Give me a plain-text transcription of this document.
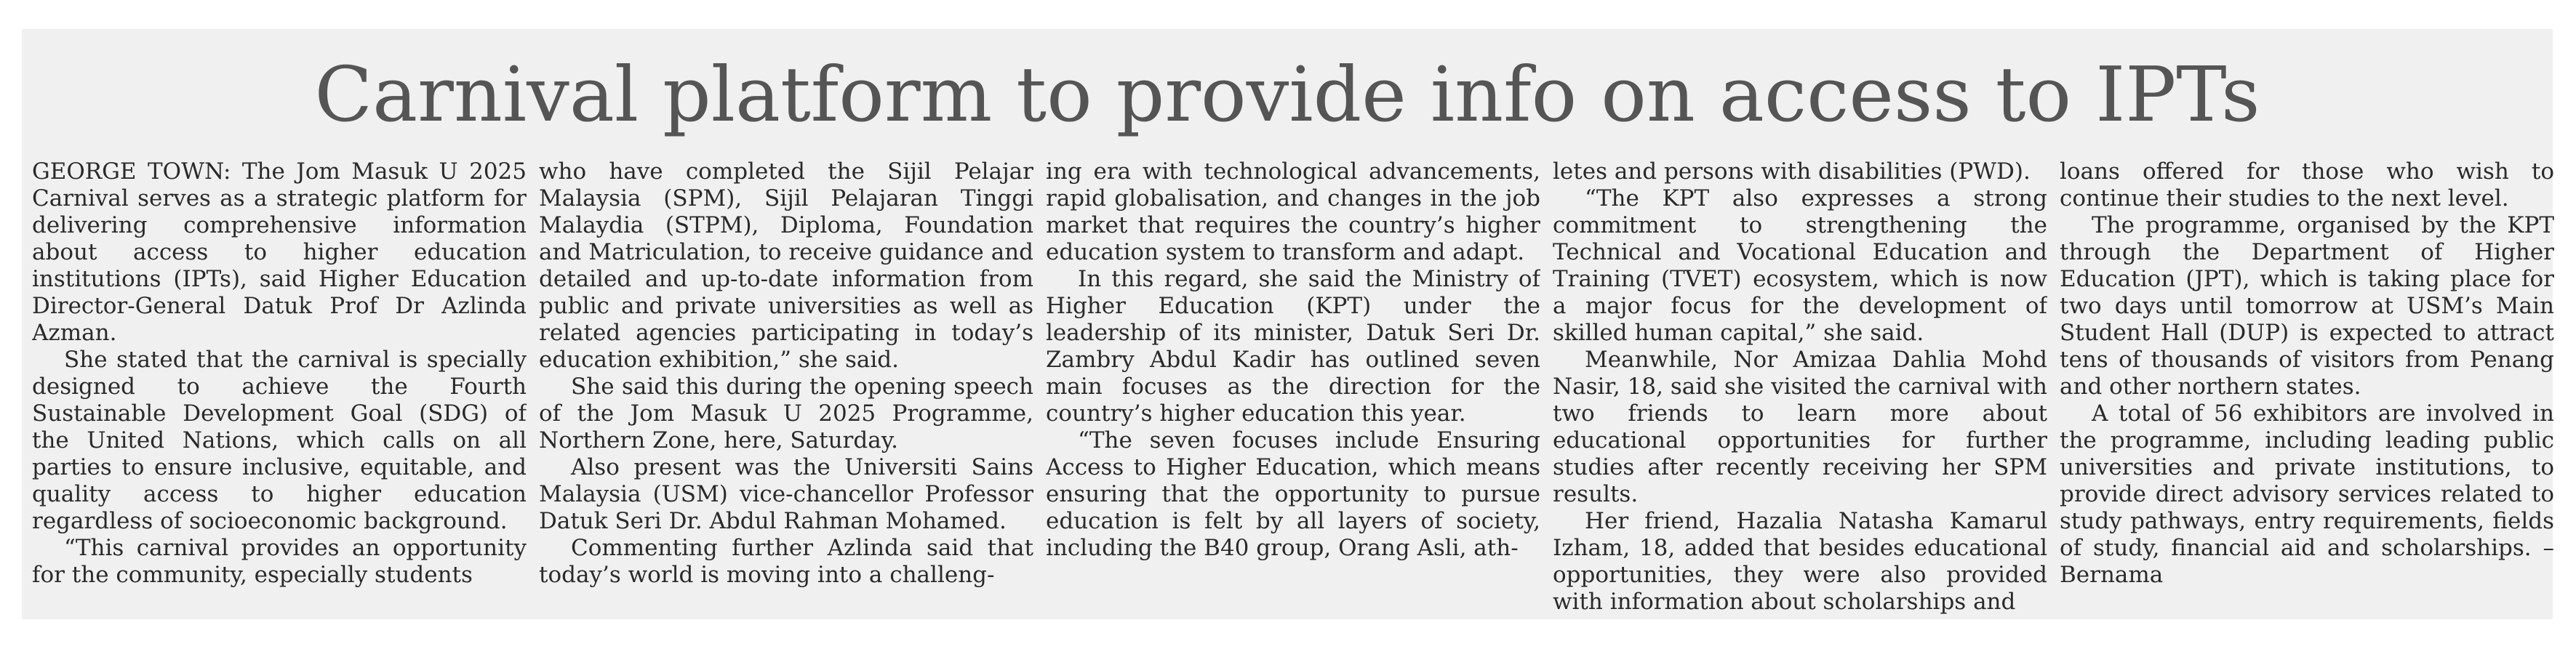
Carnival platform to provide info on access to IPTs

GEORGE TOWN: The Jom Masuk U 2025 Carnival serves as a strategic platform for delivering comprehensive information about access to higher education institutions (IPTs), said Higher Education Director-General Datuk Prof Dr Azlinda Azman.

She stated that the carnival is specially designed to achieve the Fourth Sustainable Development Goal (SDG) of the United Nations, which calls on all parties to ensure inclusive, equitable, and quality access to higher education regardless of socioeconomic background.

“This carnival provides an opportunity for the community, especially students

who have completed the Sijil Pelajar Malaysia (SPM), Sijil Pelajaran Tinggi Malaydia (STPM), Diploma, Foundation and Matriculation, to receive guidance and detailed and up-to-date information from public and private universities as well as related agencies participating in today’s education exhibition,” she said.

She said this during the opening speech of the Jom Masuk U 2025 Programme, Northern Zone, here, Saturday.

Also present was the Universiti Sains Malaysia (USM) vice-chancellor Professor Datuk Seri Dr. Abdul Rahman Mohamed.

Commenting further Azlinda said that today’s world is moving into a challeng-

ing era with technological advancements, rapid globalisation, and changes in the job market that requires the country’s higher education system to transform and adapt.

In this regard, she said the Ministry of Higher Education (KPT) under the leadership of its minister, Datuk Seri Dr. Zambry Abdul Kadir has outlined seven main focuses as the direction for the country’s higher education this year.

“The seven focuses include Ensuring Access to Higher Education, which means ensuring that the opportunity to pursue education is felt by all layers of society, including the B40 group, Orang Asli, ath-

letes and persons with disabilities (PWD).

“The KPT also expresses a strong commitment to strengthening the Technical and Vocational Education and Training (TVET) ecosystem, which is now a major focus for the development of skilled human capital,” she said.

Meanwhile, Nor Amizaa Dahlia Mohd Nasir, 18, said she visited the carnival with two friends to learn more about educational opportunities for further studies after recently receiving her SPM results.

Her friend, Hazalia Natasha Kamarul Izham, 18, added that besides educational opportunities, they were also provided with information about scholarships and

loans offered for those who wish to continue their studies to the next level.

The programme, organised by the KPT through the Department of Higher Education (JPT), which is taking place for two days until tomorrow at USM’s Main Student Hall (DUP) is expected to attract tens of thousands of visitors from Penang and other northern states.

A total of 56 exhibitors are involved in the programme, including leading public universities and private institutions, to provide direct advisory services related to study pathways, entry requirements, fields of study, financial aid and scholarships. – Bernama
